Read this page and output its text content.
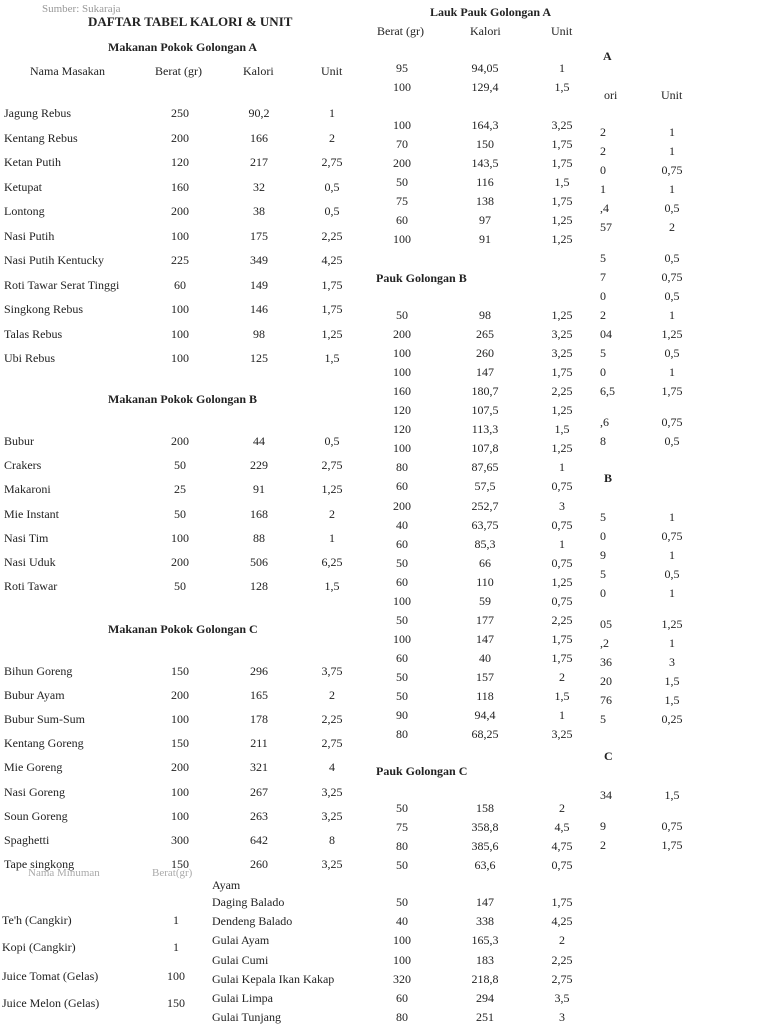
Sumber: Sukaraja
DAFTAR TABEL KALORI & UNIT
Makanan Pokok Golongan A
Nama Masakan	Berat (gr)	Kalori	Unit
Jagung Rebus	250	90,2	1
Kentang Rebus	200	166	2
Ketan Putih	120	217	2,75
Ketupat	160	32	0,5
Lontong	200	38	0,5
Nasi Putih	100	175	2,25
Nasi Putih Kentucky	225	349	4,25
Roti Tawar Serat Tinggi	60	149	1,75
Singkong Rebus	100	146	1,75
Talas Rebus	100	98	1,25
Ubi Rebus	100	125	1,5
Makanan Pokok Golongan B
Bubur	200	44	0,5
Crakers	50	229	2,75
Makaroni	25	91	1,25
Mie Instant	50	168	2
Nasi Tim	100	88	1
Nasi Uduk	200	506	6,25
Roti Tawar	50	128	1,5
Makanan Pokok Golongan C
Bihun Goreng	150	296	3,75
Bubur Ayam	200	165	2
Bubur Sum-Sum	100	178	2,25
Kentang Goreng	150	211	2,75
Mie Goreng	200	321	4
Nasi Goreng	100	267	3,25
Soun Goreng	100	263	3,25
Spaghetti	300	642	8
Tape singkong	150	260	3,25
Nama Minuman	Berat(gr)
Te'h (Cangkir)	1
Kopi (Cangkir)	1
Juice Tomat (Gelas)	100
Juice Melon (Gelas)	150
Lauk Pauk Golongan A
Berat (gr)	Kalori	Unit
95	94,05	1
100	129,4	1,5
100	164,3	3,25
70	150	1,75
200	143,5	1,75
50	116	1,5
75	138	1,75
60	97	1,25
100	91	1,25
Pauk Golongan B
50	98	1,25
200	265	3,25
100	260	3,25
100	147	1,75
160	180,7	2,25
120	107,5	1,25
120	113,3	1,5
100	107,8	1,25
80	87,65	1
60	57,5	0,75
200	252,7	3
40	63,75	0,75
60	85,3	1
50	66	0,75
60	110	1,25
100	59	0,75
50	177	2,25
100	147	1,75
60	40	1,75
50	157	2
50	118	1,5
90	94,4	1
80	68,25	3,25
Pauk Golongan C
50	158	2
75	358,8	4,5
80	385,6	4,75
50	63,6	0,75
Ayam
Daging Balado	50	147	1,75
Dendeng Balado	40	338	4,25
Gulai Ayam	100	165,3	2
Gulai Cumi	100	183	2,25
Gulai Kepala Ikan Kakap	320	218,8	2,75
Gulai Limpa	60	294	3,5
Gulai Tunjang	80	251	3
A
ori	Unit
2	1
2	1
0	0,75
1	1
,4	0,5
57	2
5	0,5
7	0,75
0	0,5
2	1
04	1,25
5	0,5
0	1
6,5	1,75
,6	0,75
8	0,5
B
5	1
0	0,75
9	1
5	0,5
0	1
05	1,25
,2	1
36	3
20	1,5
76	1,5
5	0,25
C
34	1,5
9	0,75
2	1,75
